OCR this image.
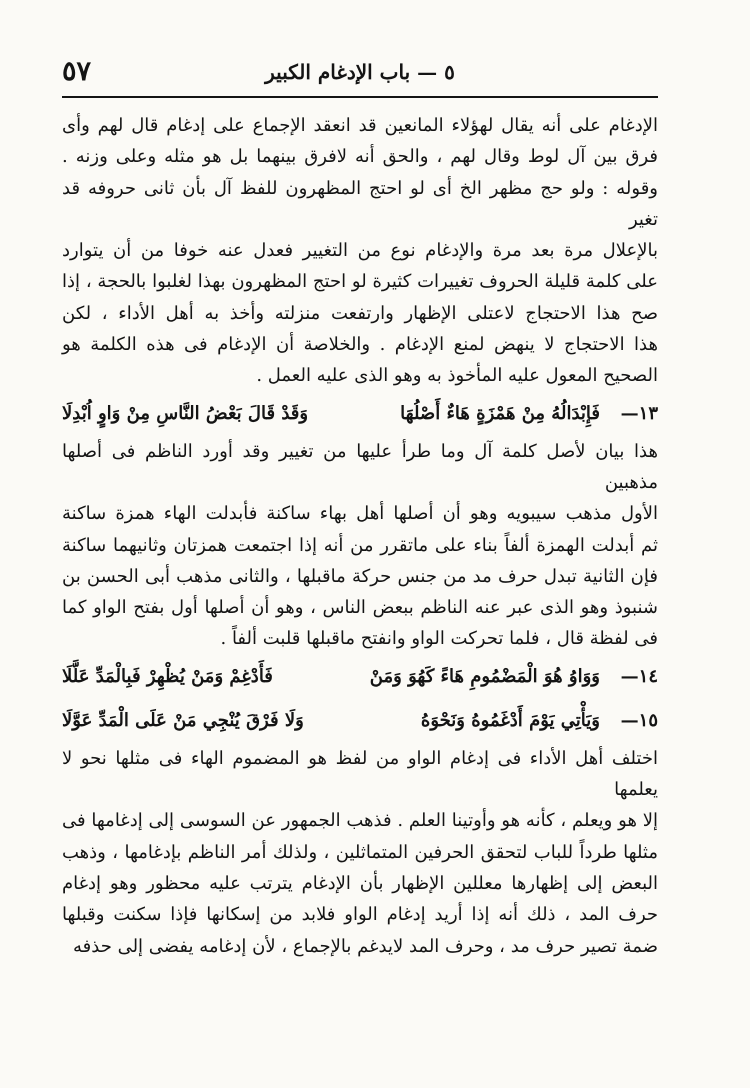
٥٧	٥ — باب الإدغام الكبير

الإدغام على أنه يقال لهؤلاء المانعين قد انعقد الإجماع على إدغام قال لهم وأى

فرق بين آل لوط وقال لهم ، والحق أنه لافرق بينهما بل هو مثله وعلى وزنه .

وقوله : ولو حج مظهر الخ أى لو احتج المظهرون للفظ آل بأن ثانى حروفه قد تغير

بالإعلال مرة بعد مرة والإدغام نوع من التغيير فعدل عنه خوفا من أن يتوارد

على كلمة قليلة الحروف تغييرات كثيرة لو احتج المظهرون بهذا لغلبوا بالحجة ، إذا

صح هذا الاحتجاج لاعتلى الإظهار وارتفعت منزلته وأخذ به أهل الأداء ، لكن

هذا الاحتجاج لا ينهض لمنع الإدغام . والخلاصة أن الإدغام فى هذه الكلمة هو

الصحيح المعول عليه المأخوذ به وهو الذى عليه العمل .

١٣—
فَإِبْدَالُهُ مِنْ هَمْزَةٍ هَاءٌ أَصْلُهَا
وَقَدْ قَالَ بَعْضُ النَّاسِ مِنْ وَاوٍ اُبْدِلَا

هذا بيان لأصل كلمة آل وما طرأ عليها من تغيير وقد أورد الناظم فى أصلها مذهبين

الأول مذهب سيبويه وهو أن أصلها أهل بهاء ساكنة فأبدلت الهاء همزة ساكنة

ثم أبدلت الهمزة ألفاً بناء على ماتقرر من أنه إذا اجتمعت همزتان وثانيهما ساكنة

فإن الثانية تبدل حرف مد من جنس حركة ماقبلها ، والثانى مذهب أبى الحسن بن

شنبوذ وهو الذى عبر عنه الناظم ببعض الناس ، وهو أن أصلها أول بفتح الواو كما

فى لفظة قال ، فلما تحركت الواو وانفتح ماقبلها قلبت ألفاً .

١٤—
وَوَاوُ هُوَ الْمَضْمُومِ هَاءً كَهُوَ وَمَنْ
فَأَدْغِمْ وَمَنْ يُظْهِرْ فَبِالْمَدِّ عَلَّلَا
١٥—
وَيَأْتِي يَوْمَ أَدْغَمُوهُ وَنَحْوَهُ
وَلَا فَرْقَ يُنْجِي مَنْ عَلَى الْمَدِّ عَوَّلَا

اختلف أهل الأداء فى إدغام الواو من لفظ هو المضموم الهاء فى مثلها نحو لا يعلمها

إلا هو ويعلم ، كأنه هو وأوتينا العلم . فذهب الجمهور عن السوسى إلى إدغامها فى

مثلها طرداً للباب لتحقق الحرفين المتماثلين ، ولذلك أمر الناظم بإدغامها ، وذهب

البعض إلى إظهارها معللين الإظهار بأن الإدغام يترتب عليه محظور وهو إدغام

حرف المد ، ذلك أنه إذا أريد إدغام الواو فلابد من إسكانها فإذا سكنت وقبلها

ضمة تصير حرف مد ، وحرف المد لايدغم بالإجماع ، لأن إدغامه يفضى إلى حذفه
